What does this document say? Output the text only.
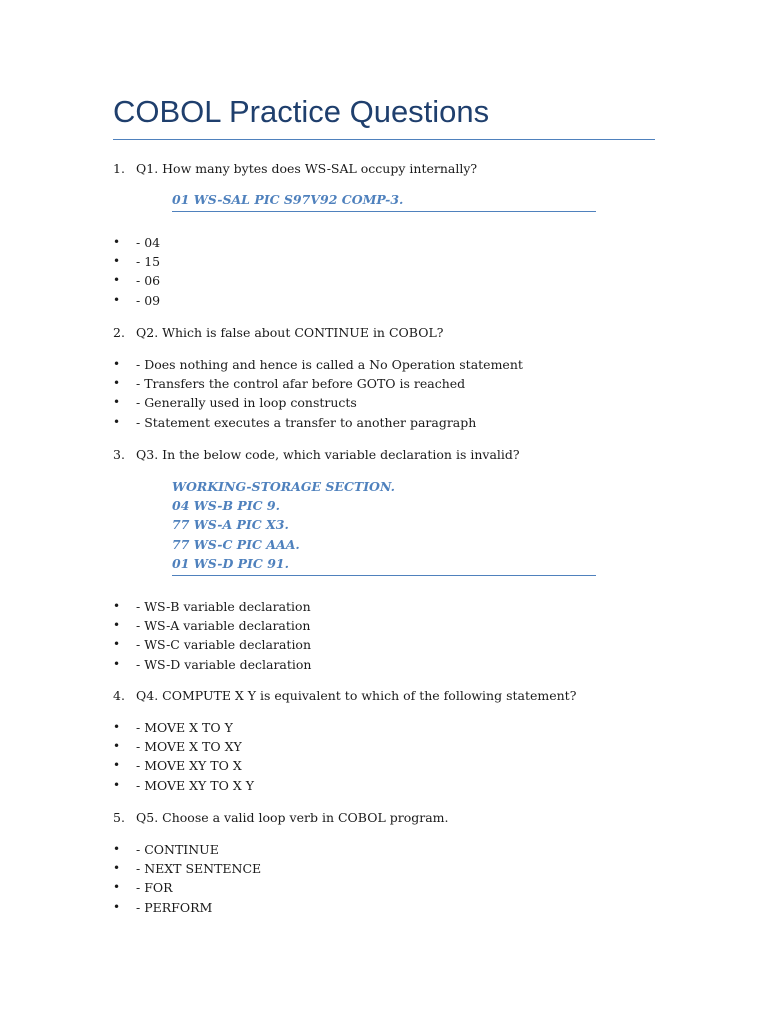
COBOL Practice Questions
1. Q1. How many bytes does WS-SAL occupy internally?
01 WS-SAL PIC S97V92 COMP-3.
• - 04
• - 15
• - 06
• - 09
2. Q2. Which is false about CONTINUE in COBOL?
• - Does nothing and hence is called a No Operation statement
• - Transfers the control afar before GOTO is reached
• - Generally used in loop constructs
• - Statement executes a transfer to another paragraph
3. Q3. In the below code, which variable declaration is invalid?
WORKING-STORAGE SECTION.
04 WS-B PIC 9.
77 WS-A PIC X3.
77 WS-C PIC AAA.
01 WS-D PIC 91.
• - WS-B variable declaration
• - WS-A variable declaration
• - WS-C variable declaration
• - WS-D variable declaration
4. Q4. COMPUTE X Y is equivalent to which of the following statement?
• - MOVE X TO Y
• - MOVE X TO XY
• - MOVE XY TO X
• - MOVE XY TO X Y
5. Q5. Choose a valid loop verb in COBOL program.
• - CONTINUE
• - NEXT SENTENCE
• - FOR
• - PERFORM
